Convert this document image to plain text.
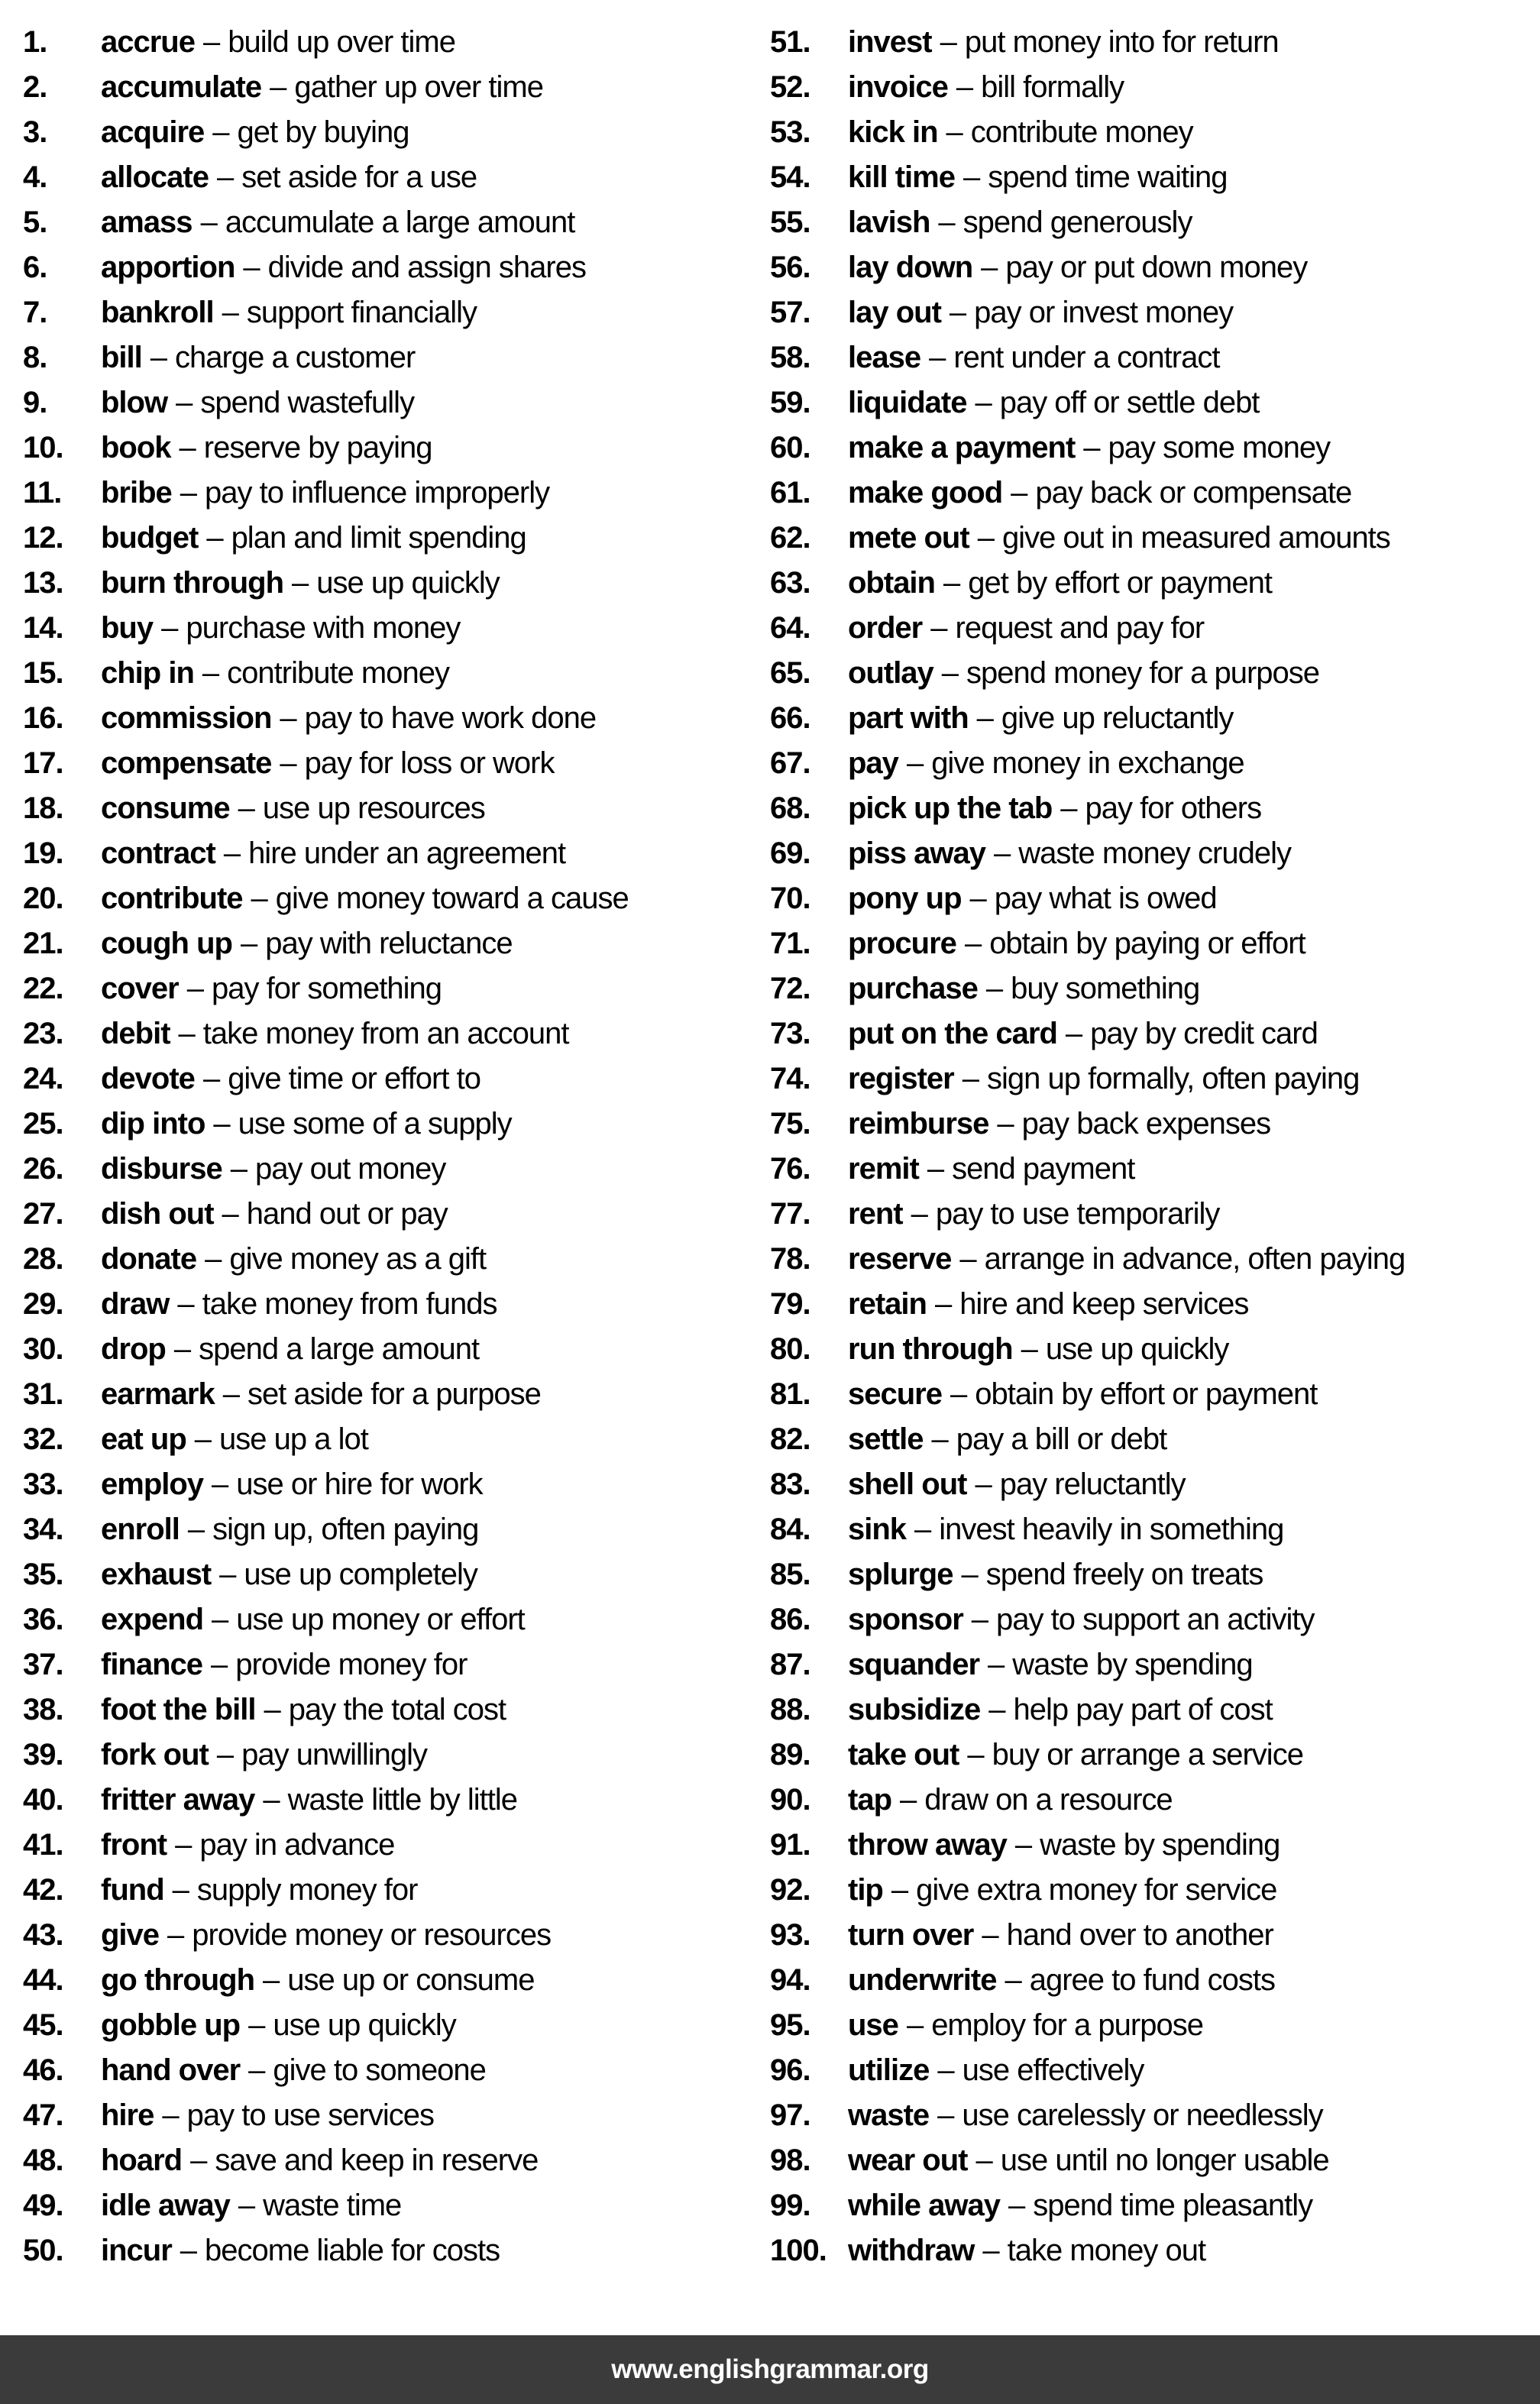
1.	accrue – build up over time
2.	accumulate – gather up over time
3.	acquire – get by buying
4.	allocate – set aside for a use
5.	amass – accumulate a large amount
6.	apportion – divide and assign shares
7.	bankroll – support financially
8.	bill – charge a customer
9.	blow – spend wastefully
10.	book – reserve by paying
11.	bribe – pay to influence improperly
12.	budget – plan and limit spending
13.	burn through – use up quickly
14.	buy – purchase with money
15.	chip in – contribute money
16.	commission – pay to have work done
17.	compensate – pay for loss or work
18.	consume – use up resources
19.	contract – hire under an agreement
20.	contribute – give money toward a cause
21.	cough up – pay with reluctance
22.	cover – pay for something
23.	debit – take money from an account
24.	devote – give time or effort to
25.	dip into – use some of a supply
26.	disburse – pay out money
27.	dish out – hand out or pay
28.	donate – give money as a gift
29.	draw – take money from funds
30.	drop – spend a large amount
31.	earmark – set aside for a purpose
32.	eat up – use up a lot
33.	employ – use or hire for work
34.	enroll – sign up, often paying
35.	exhaust – use up completely
36.	expend – use up money or effort
37.	finance – provide money for
38.	foot the bill – pay the total cost
39.	fork out – pay unwillingly
40.	fritter away – waste little by little
41.	front – pay in advance
42.	fund – supply money for
43.	give – provide money or resources
44.	go through – use up or consume
45.	gobble up – use up quickly
46.	hand over – give to someone
47.	hire – pay to use services
48.	hoard – save and keep in reserve
49.	idle away – waste time
50.	incur – become liable for costs
51.	invest – put money into for return
52.	invoice – bill formally
53.	kick in – contribute money
54.	kill time – spend time waiting
55.	lavish – spend generously
56.	lay down – pay or put down money
57.	lay out – pay or invest money
58.	lease – rent under a contract
59.	liquidate – pay off or settle debt
60.	make a payment – pay some money
61.	make good – pay back or compensate
62.	mete out – give out in measured amounts
63.	obtain – get by effort or payment
64.	order – request and pay for
65.	outlay – spend money for a purpose
66.	part with – give up reluctantly
67.	pay – give money in exchange
68.	pick up the tab – pay for others
69.	piss away – waste money crudely
70.	pony up – pay what is owed
71.	procure – obtain by paying or effort
72.	purchase – buy something
73.	put on the card – pay by credit card
74.	register – sign up formally, often paying
75.	reimburse – pay back expenses
76.	remit – send payment
77.	rent – pay to use temporarily
78.	reserve – arrange in advance, often paying
79.	retain – hire and keep services
80.	run through – use up quickly
81.	secure – obtain by effort or payment
82.	settle – pay a bill or debt
83.	shell out – pay reluctantly
84.	sink – invest heavily in something
85.	splurge – spend freely on treats
86.	sponsor – pay to support an activity
87.	squander – waste by spending
88.	subsidize – help pay part of cost
89.	take out – buy or arrange a service
90.	tap – draw on a resource
91.	throw away – waste by spending
92.	tip – give extra money for service
93.	turn over – hand over to another
94.	underwrite – agree to fund costs
95.	use – employ for a purpose
96.	utilize – use effectively
97.	waste – use carelessly or needlessly
98.	wear out – use until no longer usable
99.	while away – spend time pleasantly
100. withdraw – take money out
www.englishgrammar.org
